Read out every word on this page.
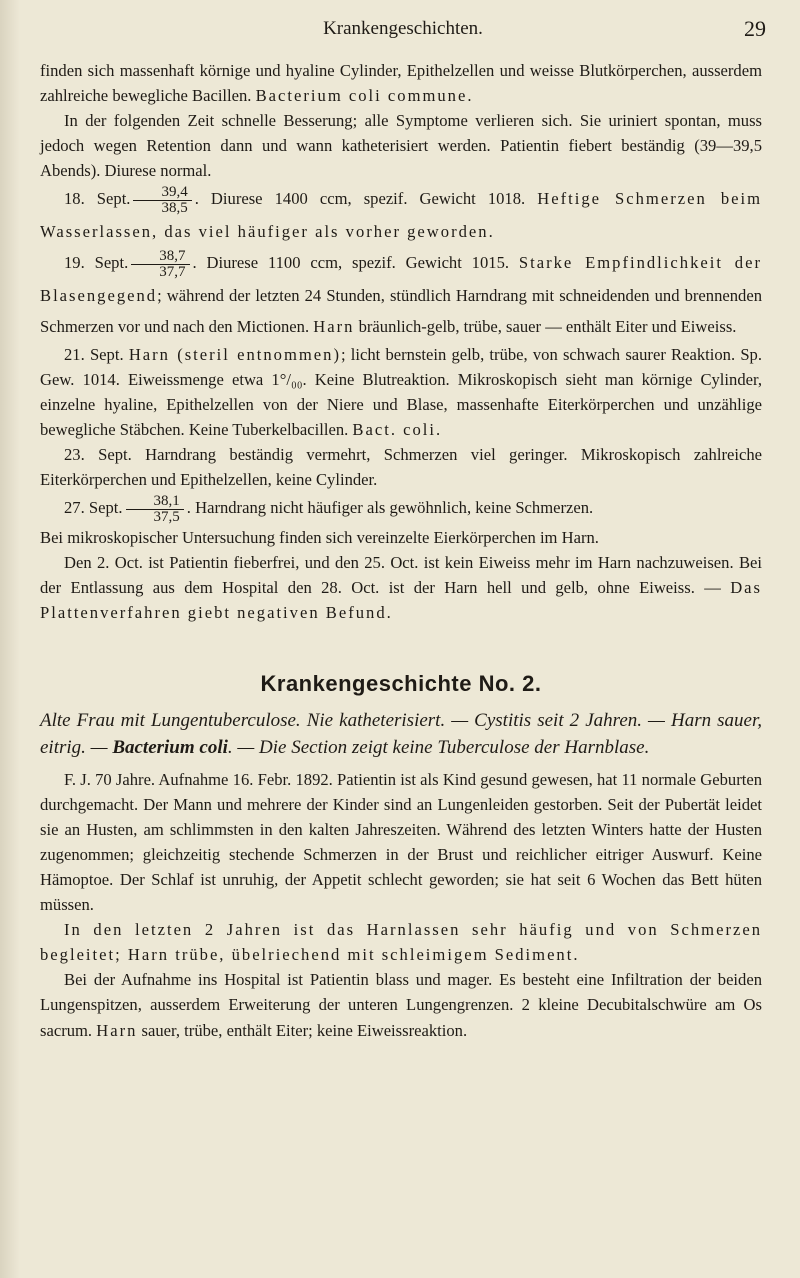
Krankengeschichten.	29

finden sich massenhaft körnige und hyaline Cylinder, Epithelzellen und weisse Blutkörperchen, ausserdem zahlreiche bewegliche Bacillen. Bacterium coli commune.

In der folgenden Zeit schnelle Besserung; alle Symptome verlieren sich. Sie uriniert spontan, muss jedoch wegen Retention dann und wann katheterisiert werden. Patientin fiebert beständig (39—39,5 Abends). Diurese normal.

18. Sept. $\frac{39,4}{38,5}$ . Diurese 1400 ccm, spezif. Gewicht 1018. Heftige Schmerzen beim Wasserlassen, das viel häufiger als vorher geworden.

19. Sept. $\frac{38,7}{37,7}$ . Diurese 1100 ccm, spezif. Gewicht 1015. Starke Empfindlichkeit der Blasengegend; während der letzten 24 Stunden, stündlich Harndrang mit schneidenden und brennenden Schmerzen vor und nach den Mictionen. Harn bräunlich-gelb, trübe, sauer — enthält Eiter und Eiweiss.

21. Sept. Harn (steril entnommen); licht bernstein gelb, trübe, von schwach saurer Reaktion. Sp. Gew. 1014. Eiweissmenge etwa 1°/₀₀. Keine Blutreaktion. Mikroskopisch sieht man körnige Cylinder, einzelne hyaline, Epithelzellen von der Niere und Blase, massenhafte Eiterkörperchen und unzählige bewegliche Stäbchen. Keine Tuberkelbacillen. Bact. coli.

23. Sept. Harndrang beständig vermehrt, Schmerzen viel geringer. Mikroskopisch zahlreiche Eiterkörperchen und Epithelzellen, keine Cylinder.

27. Sept. $\frac{38,1}{37,5}$ . Harndrang nicht häufiger als gewöhnlich, keine Schmerzen.

Bei mikroskopischer Untersuchung finden sich vereinzelte Eierkörperchen im Harn.

Den 2. Oct. ist Patientin fieberfrei, und den 25. Oct. ist kein Eiweiss mehr im Harn nachzuweisen. Bei der Entlassung aus dem Hospital den 28. Oct. ist der Harn hell und gelb, ohne Eiweiss. — Das Plattenverfahren giebt negativen Befund.

Krankengeschichte No. 2.

Alte Frau mit Lungentuberculose. Nie katheterisiert. — Cystitis seit 2 Jahren. — Harn sauer, eitrig. — Bacterium coli. — Die Section zeigt keine Tuberculose der Harnblase.

F. J. 70 Jahre. Aufnahme 16. Febr. 1892. Patientin ist als Kind gesund gewesen, hat 11 normale Geburten durchgemacht. Der Mann und mehrere der Kinder sind an Lungenleiden gestorben. Seit der Pubertät leidet sie an Husten, am schlimmsten in den kalten Jahreszeiten. Während des letzten Winters hatte der Husten zugenommen; gleichzeitig stechende Schmerzen in der Brust und reichlicher eitriger Auswurf. Keine Hämoptoe. Der Schlaf ist unruhig, der Appetit schlecht geworden; sie hat seit 6 Wochen das Bett hüten müssen.

In den letzten 2 Jahren ist das Harnlassen sehr häufig und von Schmerzen begleitet; Harn trübe, übelriechend mit schleimigem Sediment.

Bei der Aufnahme ins Hospital ist Patientin blass und mager. Es besteht eine Infiltration der beiden Lungenspitzen, ausserdem Erweiterung der unteren Lungengrenzen. 2 kleine Decubitalschwüre am Os sacrum. Harn sauer, trübe, enthält Eiter; keine Eiweissreaktion.
